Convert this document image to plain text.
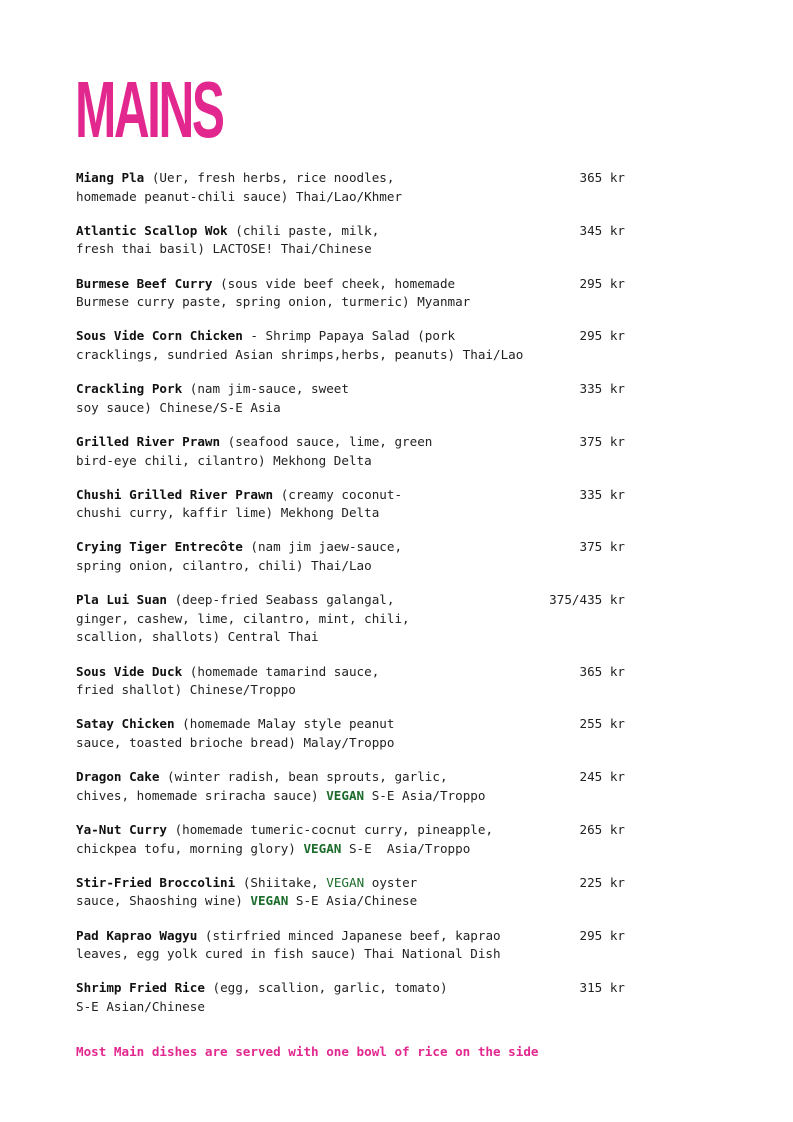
MAINS
Miang Pla (Uer, fresh herbs, rice noodles,
homemade peanut-chili sauce) Thai/Lao/Khmer
365 kr
Atlantic Scallop Wok (chili paste, milk,
fresh thai basil) LACTOSE! Thai/Chinese
345 kr
Burmese Beef Curry (sous vide beef cheek, homemade
Burmese curry paste, spring onion, turmeric) Myanmar
295 kr
Sous Vide Corn Chicken - Shrimp Papaya Salad (pork
cracklings, sundried Asian shrimps,herbs, peanuts) Thai/Lao
295 kr
Crackling Pork (nam jim-sauce, sweet
soy sauce) Chinese/S-E Asia
335 kr
Grilled River Prawn (seafood sauce, lime, green
bird-eye chili, cilantro) Mekhong Delta
375 kr
Chushi Grilled River Prawn (creamy coconut-
chushi curry, kaffir lime) Mekhong Delta
335 kr
Crying Tiger Entrecôte (nam jim jaew-sauce,
spring onion, cilantro, chili) Thai/Lao
375 kr
Pla Lui Suan (deep-fried Seabass galangal,
ginger, cashew, lime, cilantro, mint, chili,
scallion, shallots) Central Thai
375/435 kr
Sous Vide Duck (homemade tamarind sauce,
fried shallot) Chinese/Troppo
365 kr
Satay Chicken (homemade Malay style peanut
sauce, toasted brioche bread) Malay/Troppo
255 kr
Dragon Cake (winter radish, bean sprouts, garlic,
chives, homemade sriracha sauce) VEGAN S-E Asia/Troppo
245 kr
Ya-Nut Curry (homemade tumeric-cocnut curry, pineapple,
chickpea tofu, morning glory) VEGAN S-E  Asia/Troppo
265 kr
Stir-Fried Broccolini (Shiitake, VEGAN oyster
sauce, Shaoshing wine) VEGAN S-E Asia/Chinese
225 kr
Pad Kaprao Wagyu (stirfried minced Japanese beef, kaprao
leaves, egg yolk cured in fish sauce) Thai National Dish
295 kr
Shrimp Fried Rice (egg, scallion, garlic, tomato)
S-E Asian/Chinese
315 kr
Most Main dishes are served with one bowl of rice on the side
